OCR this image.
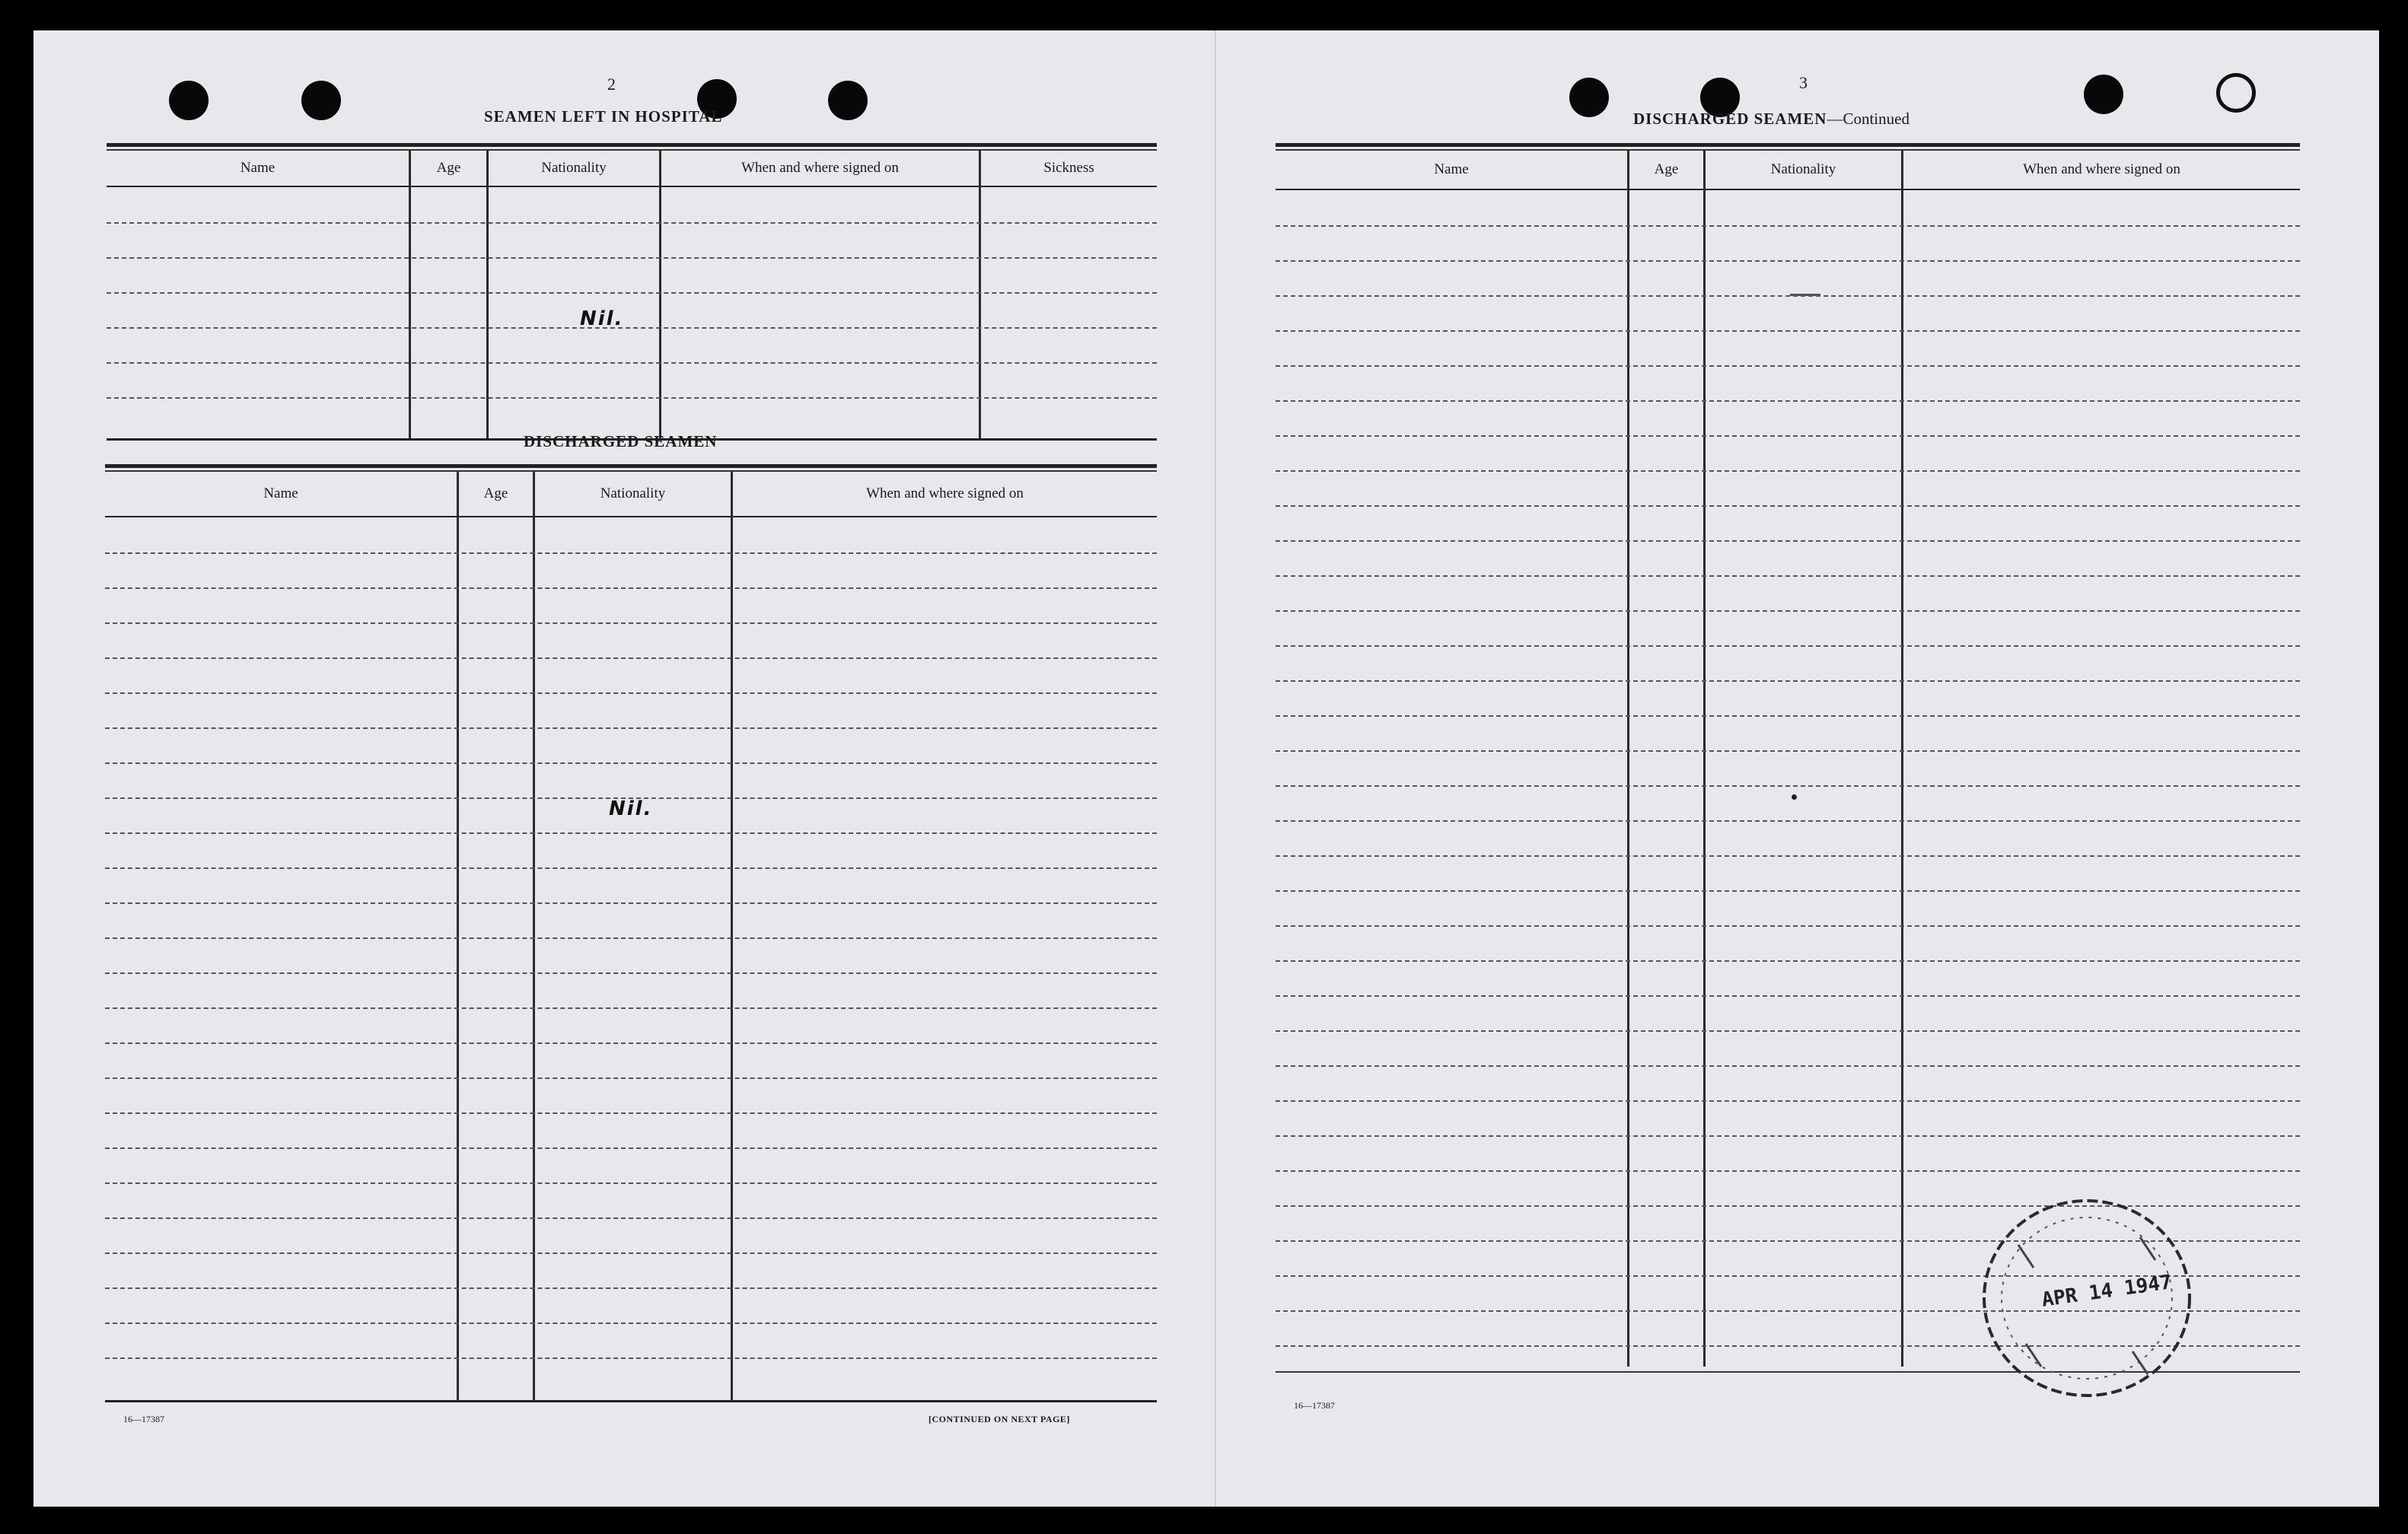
2
SEAMEN LEFT IN HOSPITAL
Name	Age	Nationality	When and where signed on	Sickness
Nil.
DISCHARGED SEAMEN
Name	Age	Nationality	When and where signed on
Nil.
16—17387	[CONTINUED ON NEXT PAGE]
3
DISCHARGED SEAMEN—Continued
Name	Age	Nationality	When and where signed on
16—17387
APR 14 1947
